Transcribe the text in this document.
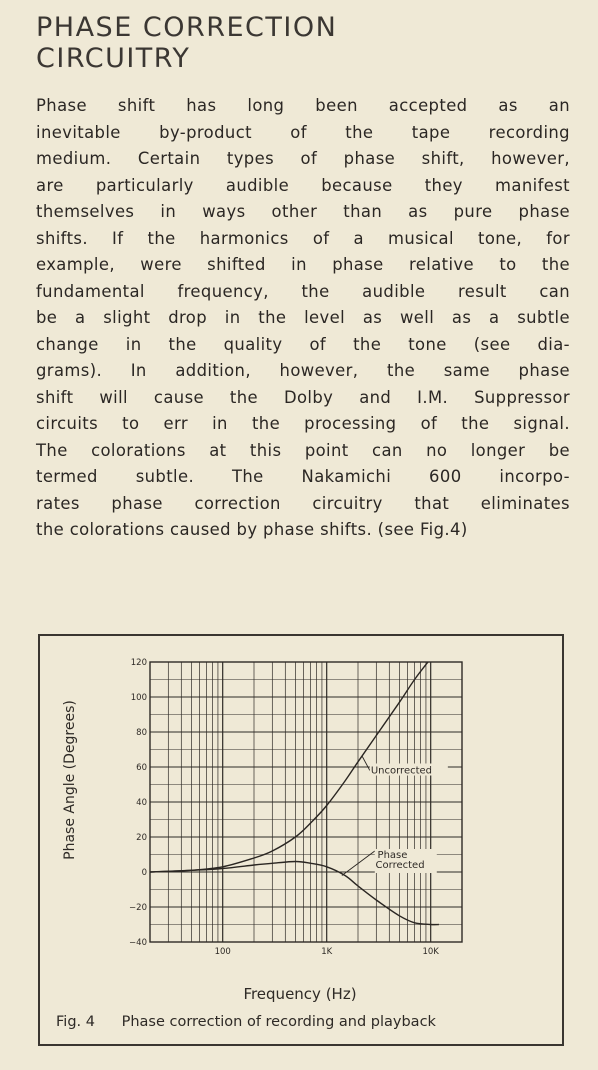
PHASE CORRECTION
CIRCUITRY

Phase shift has long been accepted as an
inevitable by-product of the tape recording
medium. Certain types of phase shift, however,
are particularly audible because they manifest
themselves in ways other than as pure phase
shifts. If the harmonics of a musical tone, for
example, were shifted in phase relative to the
fundamental frequency, the audible result can
be a slight drop in the level as well as a subtle
change in the quality of the tone (see dia-
grams). In addition, however, the same phase
shift will cause the Dolby and I.M. Suppressor
circuits to err in the processing of the signal.
The colorations at this point can no longer be
termed subtle. The Nakamichi 600 incorpo-
rates phase correction circuitry that eliminates
the colorations caused by phase shifts. (see Fig.4)

120
100
80
60
40
20
0
−20
−40
100	1K	10K
Uncorrected
Phase
Corrected
Phase Angle (Degrees)
Frequency (Hz)
Fig. 4 Phase correction of recording and playback
